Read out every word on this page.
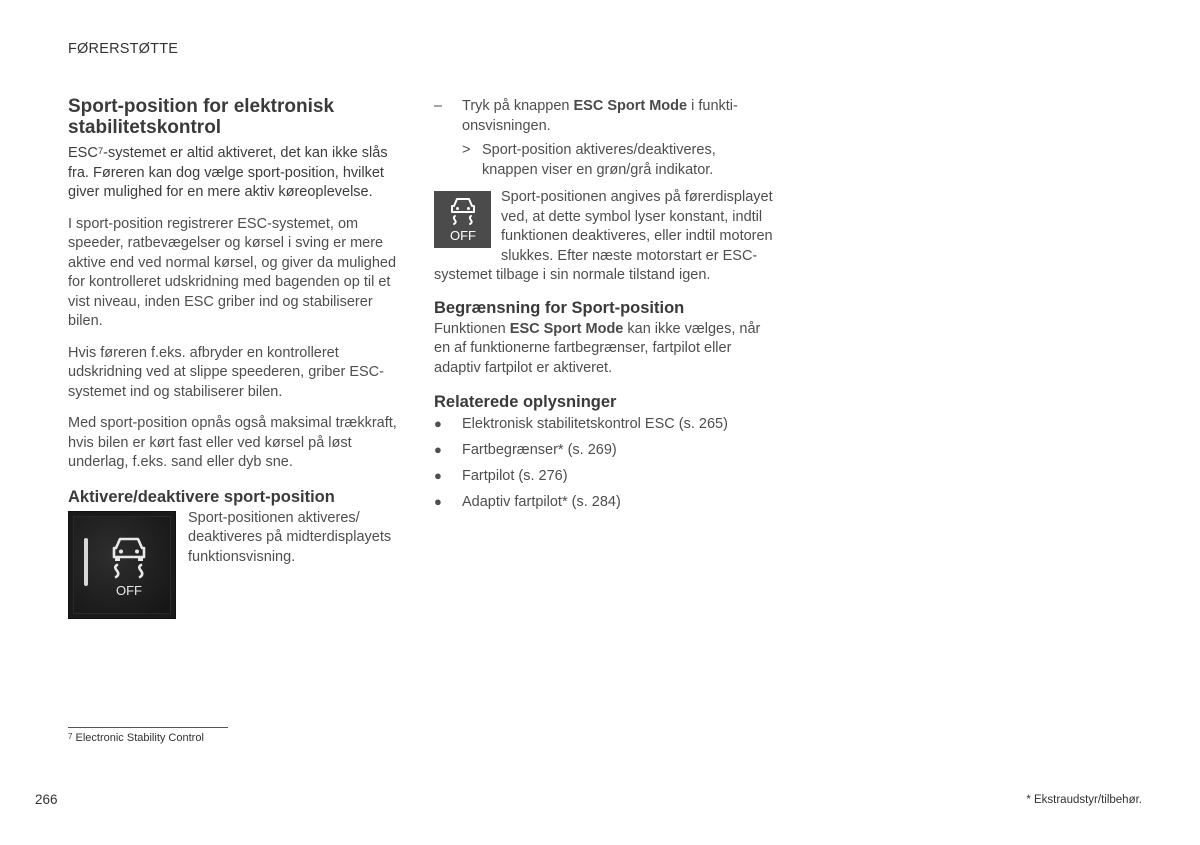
FØRERSTØTTE
Sport-position for elektronisk stabilitetskontrol

ESC$^7$-systemet er altid aktiveret, det kan ikke slås fra. Føreren kan dog vælge sport-position, hvilket giver mulighed for en mere aktiv køreoplevelse.

I sport-position registrerer ESC-systemet, om speeder, ratbevægelser og kørsel i sving er mere aktive end ved normal kørsel, og giver da mulighed for kontrolleret udskridning med bagenden op til et vist niveau, inden ESC griber ind og stabiliserer bilen.

Hvis føreren f.eks. afbryder en kontrolleret udskridning ved at slippe speederen, griber ESC-systemet ind og stabiliserer bilen.

Med sport-position opnås også maksimal trækkraft, hvis bilen er kørt fast eller ved kørsel på løst underlag, f.eks. sand eller dyb sne.

Aktivere/deaktivere sport-position
OFF

Sport-positionen aktiveres/ deaktiveres på midterdisplayets funktionsvisning.

– Tryk på knappen ESC Sport Mode i funktionsvisningen.

> Sport-position aktiveres/deaktiveres, knappen viser en grøn/grå indikator.

OFF

Sport-positionen angives på førerdisplayet ved, at dette symbol lyser konstant, indtil funktionen deaktiveres, eller indtil motoren slukkes. Efter næste motorstart er ESC-systemet tilbage i sin normale tilstand igen.

Begrænsning for Sport-position

Funktionen ESC Sport Mode kan ikke vælges, når en af funktionerne fartbegrænser, fartpilot eller adaptiv fartpilot er aktiveret.

Relaterede oplysninger
● Elektronisk stabilitetskontrol ESC (s. 265)
● Fartbegrænser* (s. 269)
● Fartpilot (s. 276)
● Adaptiv fartpilot* (s. 284)
$^7$ Electronic Stability Control
266	* Ekstraudstyr/tilbehør.
